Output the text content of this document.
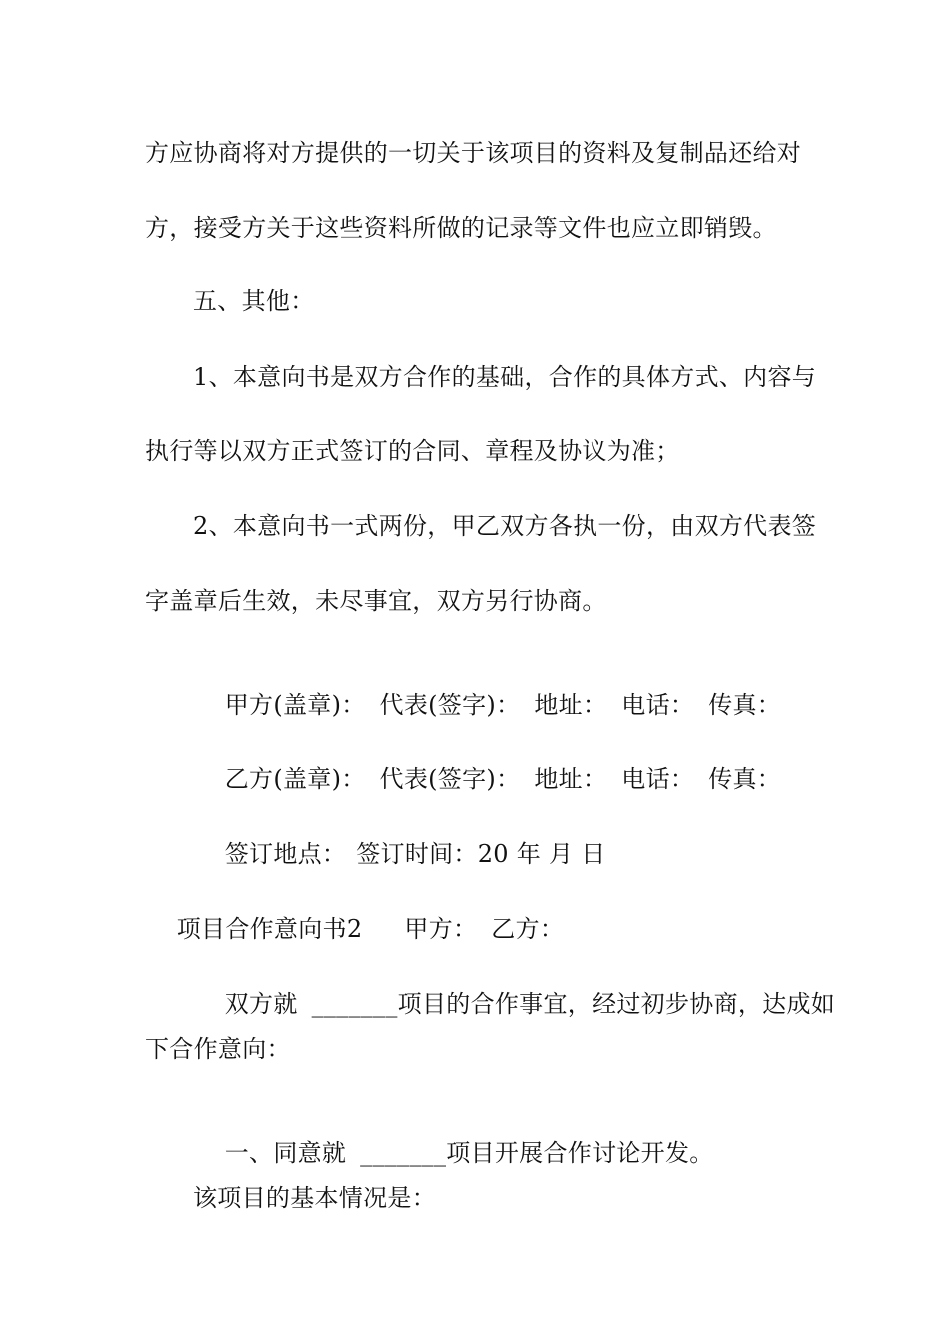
方应协商将对方提供的一切关于该项目的资料及复制品还给对
方，接受方关于这些资料所做的记录等文件也应立即销毁。
五、其他：
1、本意向书是双方合作的基础，合作的具体方式、内容与
执行等以双方正式签订的合同、章程及协议为准；
2、本意向书一式两份，甲乙双方各执一份，由双方代表签
字盖章后生效，未尽事宜，双方另行协商。

甲方(盖章)： 代表(签字)： 地址： 电话： 传真：

乙方(盖章)： 代表(签字)： 地址： 电话： 传真：

签订地点： 签订时间：20 年 月 日

项目合作意向书2 甲方： 乙方：

双方就 _______项目的合作事宜，经过初步协商，达成如

下合作意向：

一、同意就 _______项目开展合作讨论开发。

该项目的基本情况是：
